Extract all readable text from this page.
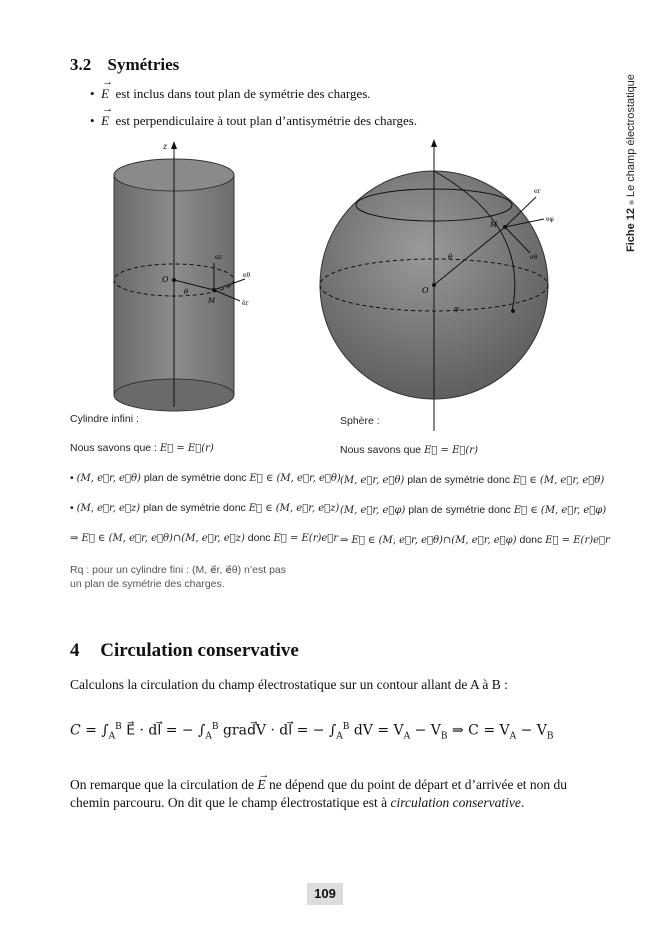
Fiche 12 ■ Le champ électrostatique
3.2 Symétries
•  → E est inclus dans tout plan de symétrie des charges.
•  → E est perpendiculaire à tout plan d’antisymétrie des charges.
z
O
M
θ
ez
eθ
e̅r
O
M
θ
φ
er
eφ
eθ
Cylindre infini :
Nous savons que : E⃗ = E⃗(r)
• (M, e⃗r, e⃗θ) plan de symétrie donc E⃗ ∈ (M, e⃗r, e⃗θ)
• (M, e⃗r, e⃗z) plan de symétrie donc E⃗ ∈ (M, e⃗r, e⃗z)
⇒ E⃗ ∈ (M, e⃗r, e⃗θ)∩(M, e⃗r, e⃗z) donc E⃗ = E(r)e⃗r
Rq : pour un cylindre fini : (M, e⃗r, e⃗θ) n’est pas
un plan de symétrie des charges.
Sphère :
Nous savons que E⃗ = E⃗(r)
(M, e⃗r, e⃗θ) plan de symétrie donc E⃗ ∈ (M, e⃗r, e⃗θ)
(M, e⃗r, e⃗φ) plan de symétrie donc E⃗ ∈ (M, e⃗r, e⃗φ)
⇒ E⃗ ∈ (M, e⃗r, e⃗θ)∩(M, e⃗r, e⃗φ) donc E⃗ = E(r)e⃗r
4 Circulation conservative
Calculons la circulation du champ électrostatique sur un contour allant de A à B :
$C = \int_A^B$ E⃗ · dl⃗ = − $\int_A^B$ grad⃗V · dl⃗ = − $\int_A^B$ dV = $V_A - V_B$ ⇒ $C = V_A - V_B$
On remarque que la circulation de → E ne dépend que du point de départ et d’arrivée et non du
chemin parcouru. On dit que le champ électrostatique est à circulation conservative.
109
